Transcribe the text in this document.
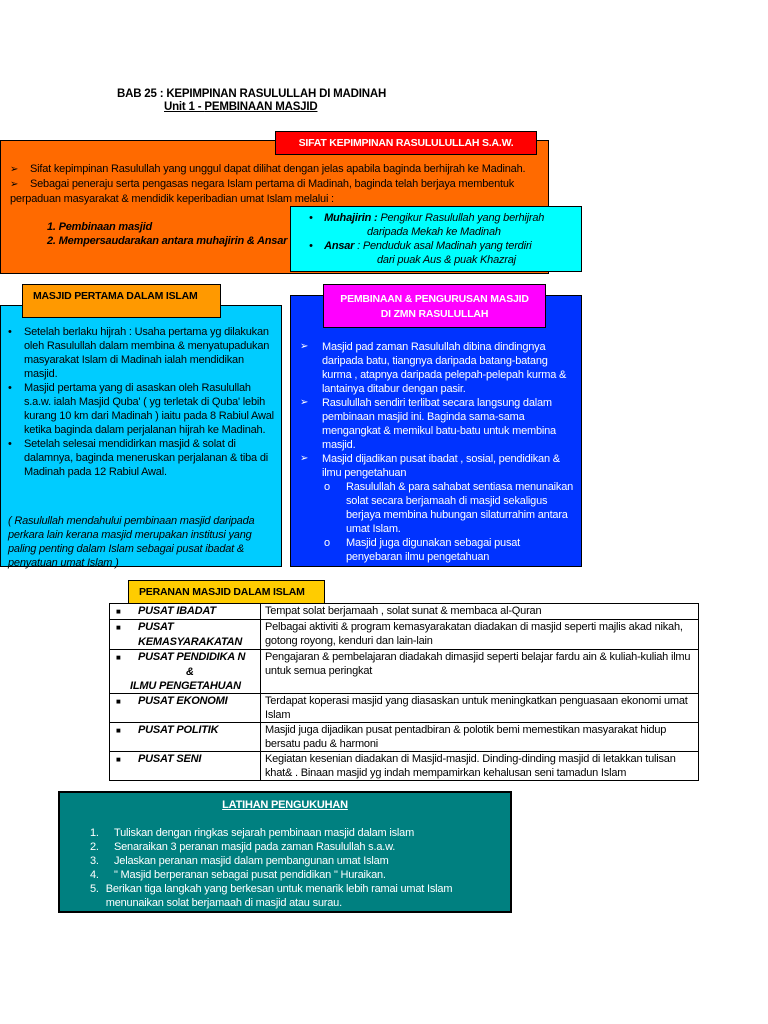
BAB 25 : KEPIMPINAN RASULULLAH DI MADINAH
Unit 1 - PEMBINAAN MASJID
SIFAT KEPIMPINAN RASULULULLAH S.A.W.
➢ Sifat kepimpinan Rasulullah yang unggul dapat dilihat dengan jelas apabila baginda berhijrah ke Madinah.
➢ Sebagai peneraju serta pengasas negara Islam pertama di Madinah, baginda telah berjaya membentuk perpaduan masyarakat & mendidik keperibadian umat Islam melalui :
1. Pembinaan masjid
2. Mempersaudarakan antara muhajirin & Ansar
•    Muhajirin : Pengikur Rasulullah yang berhijrah
daripada Mekah ke Madinah
•    Ansar : Penduduk asal Madinah yang terdiri
dari puak Aus & puak Khazraj
MASJID PERTAMA DALAM ISLAM
•	Setelah berlaku hijrah : Usaha pertama yg dilakukan oleh Rasulullah dalam membina & menyatupadukan masyarakat Islam di Madinah ialah mendidikan masjid.
•	Masjid pertama yang di asaskan oleh Rasulullah s.a.w. ialah Masjid Quba' ( yg terletak di Quba' lebih kurang 10 km dari Madinah ) iaitu pada 8 Rabiul Awal ketika baginda dalam perjalanan hijrah ke Madinah.
•	Setelah selesai mendidirkan masjid & solat di dalamnya, baginda meneruskan perjalanan & tiba di Madinah pada 12 Rabiul Awal.
( Rasulullah mendahului pembinaan masjid daripada perkara lain kerana masjid merupakan institusi yang paling penting dalam Islam sebagai pusat ibadat & penyatuan umat Islam )
PEMBINAAN & PENGURUSAN MASJID
DI ZMN RASULULLAH
➢	Masjid pad zaman Rasulullah dibina dindingnya daripada batu, tiangnya daripada batang-batang kurma , atapnya daripada pelepah-pelepah kurma & lantainya ditabur dengan pasir.
➢	Rasulullah sendiri terlibat secara langsung dalam pembinaan masjid ini. Baginda sama-sama mengangkat & memikul batu-batu untuk membina masjid.
➢	Masjid dijadikan pusat ibadat , sosial, pendidikan & ilmu pengetahuan
o	Rasulullah & para sahabat sentiasa menunaikan solat secara berjamaah di masjid sekaligus berjaya membina hubungan silaturrahim antara umat Islam.
o	Masjid juga digunakan sebagai pusat penyebaran ilmu pengetahuan
PERANAN MASJID DALAM ISLAM
■ PUSAT IBADAT	Tempat solat berjamaah , solat sunat & membaca al-Quran
■ PUSAT
KEMASYARAKATAN	Pelbagai aktiviti & program kemasyarakatan diadakan di masjid seperti majlis akad nikah, gotong royong, kenduri dan lain-lain
■ PUSAT PENDIDIKA N
&
ILMU PENGETAHUAN	Pengajaran & pembelajaran diadakah dimasjid seperti belajar fardu ain & kuliah-kuliah ilmu untuk semua peringkat
■ PUSAT EKONOMI	Terdapat koperasi masjid yang diasaskan untuk meningkatkan penguasaan ekonomi umat Islam
■ PUSAT POLITIK	Masjid juga dijadikan pusat pentadbiran & polotik bemi memestikan masyarakat hidup bersatu padu & harmoni
■ PUSAT SENI	Kegiatan kesenian diadakan di Masjid-masjid. Dinding-dinding masjid di letakkan tulisan khat& . Binaan masjid yg indah mempamirkan kehalusan seni tamadun Islam
LATIHAN PENGUKUHAN
1.	Tuliskan dengan ringkas sejarah pembinaan masjid dalam islam
2.	Senaraikan 3 peranan masjid pada zaman Rasulullah s.a.w.
3.	Jelaskan peranan masjid dalam pembangunan umat Islam
4.	" Masjid berperanan sebagai pusat pendidikan " Huraikan.
5. Berikan tiga langkah yang berkesan untuk menarik lebih ramai umat Islam menunaikan solat berjamaah di masjid atau surau.
